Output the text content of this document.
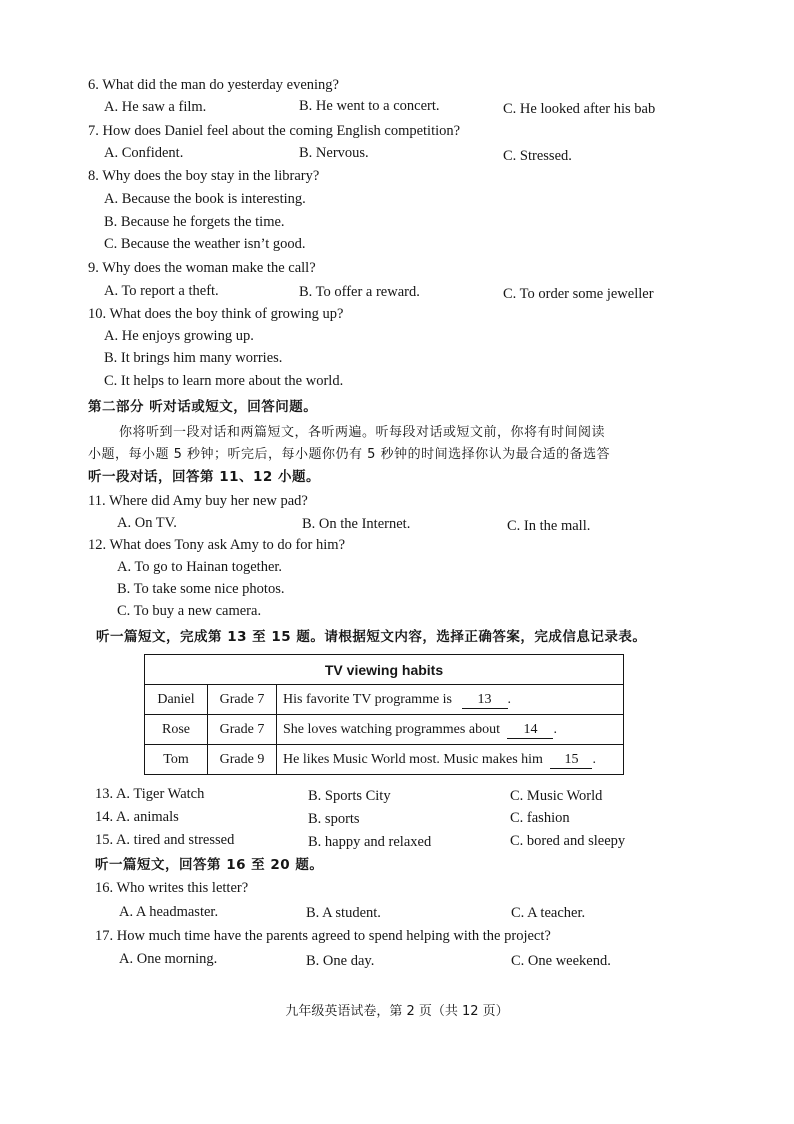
6. What did the man do yesterday evening?
A. He saw a film.	B. He went to a concert.	C. He looked after his bab
7. How does Daniel feel about the coming English competition?
A. Confident.	B. Nervous.	C. Stressed.
8. Why does the boy stay in the library?
A. Because the book is interesting.
B. Because he forgets the time.
C. Because the weather isn’t good.
9. Why does the woman make the call?
A. To report a theft.	B. To offer a reward.	C. To order some jeweller
10. What does the boy think of growing up?
A. He enjoys growing up.
B. It brings him many worries.
C. It helps to learn more about the world.
第二部分 听对话或短文，回答问题。
你将听到一段对话和两篇短文，各听两遍。听每段对话或短文前，你将有时间阅读
小题，每小题 5 秒钟；听完后，每小题你仍有 5 秒钟的时间选择你认为最合适的备选答
听一段对话，回答第 11、12 小题。
11. Where did Amy buy her new pad?
A. On TV.	B. On the Internet.	C. In the mall.
12. What does Tony ask Amy to do for him?
A. To go to Hainan together.
B. To take some nice photos.
C. To buy a new camera.
听一篇短文，完成第 13 至 15 题。请根据短文内容，选择正确答案，完成信息记录表。
TV viewing habits		
Daniel	Grade 7	His favorite TV programme is 13 .
Rose	Grade 7	She loves watching programmes about 14 .
Tom	Grade 9	He likes Music World most. Music makes him 15 .
13. A. Tiger Watch	B. Sports City	C. Music World
14. A. animals	B. sports	C. fashion
15. A. tired and stressed	B. happy and relaxed	C. bored and sleepy
听一篇短文，回答第 16 至 20 题。
16. Who writes this letter?
A. A headmaster.	B. A student.	C. A teacher.
17. How much time have the parents agreed to spend helping with the project?
A. One morning.	B. One day.	C. One weekend.
九年级英语试卷，第 2 页（共 12 页）
